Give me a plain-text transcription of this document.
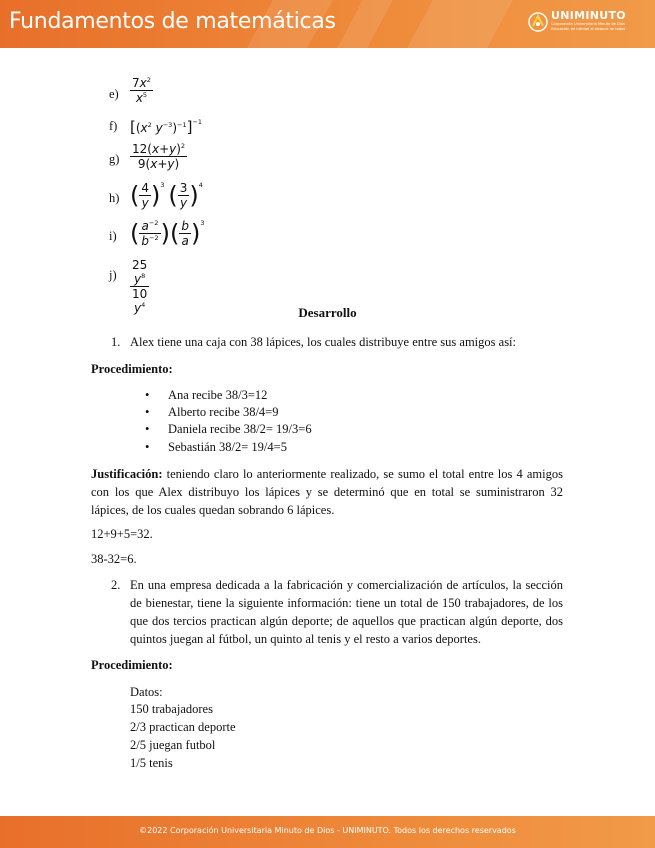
Fundamentos de matemáticas	UNIMINUTO
Corporación Universitaria Minuto de Dios
Educación de calidad al alcance de todos
$e) \frac{7x^2}{x^5}$
f) [($x^2$ $y^{-3})^{-1}]^{-1}$
$g) \frac{12(x+y)^2}{9(x+y)}$
h) ( $\frac{4}{y} )^3$ ( $\frac{3}{y} )^4$
i) ( $\frac{a^{-2}}{b^{-2}}$ )( $\frac{b}{a} )^3$
$j) \frac{25 y^8}{10 y^4}$	Desarrollo
1. Alex tiene una caja con 38 lápices, los cuales distribuye entre sus amigos así:
Procedimiento:
Ana recibe 38/3=12
Alberto recibe 38/4=9
Daniela recibe 38/2= 19/3=6
Sebastián 38/2= 19/4=5
Justificación: teniendo claro lo anteriormente realizado, se sumo el total entre los 4 amigos con los que Alex distribuyo los lápices y se determinó que en total se suministraron 32 lápices, de los cuales quedan sobrando 6 lápices.
12+9+5=32.
38-32=6.
2. En una empresa dedicada a la fabricación y comercialización de artículos, la sección de bienestar, tiene la siguiente información: tiene un total de 150 trabajadores, de los que dos tercios practican algún deporte; de aquellos que practican algún deporte, dos quintos juegan al fútbol, un quinto al tenis y el resto a varios deportes.
Procedimiento:
Datos:
150 trabajadores
2/3 practican deporte
2/5 juegan futbol
1/5 tenis
©2022 Corporación Universitaria Minuto de Dios - UNIMINUTO. Todos los derechos reservados
